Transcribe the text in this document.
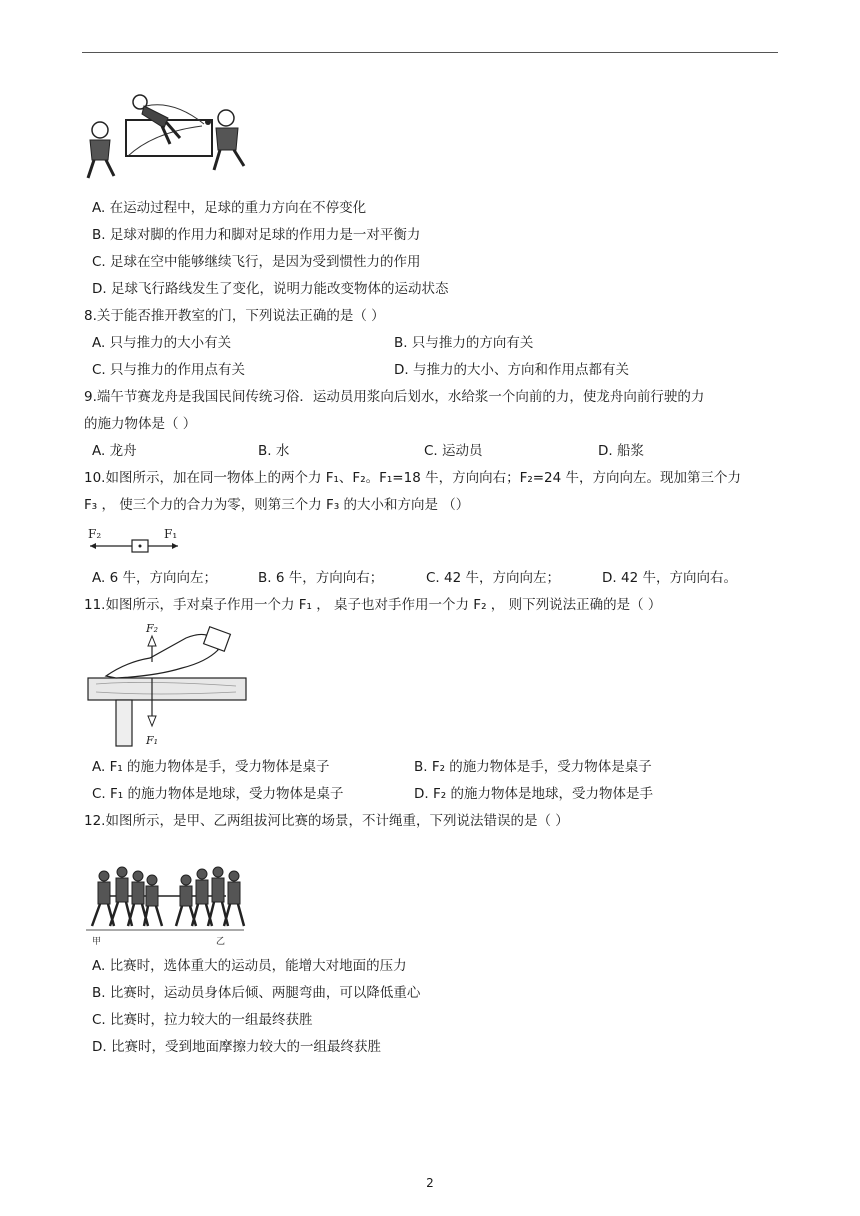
A. 在运动过程中，足球的重力方向在不停变化
B. 足球对脚的作用力和脚对足球的作用力是一对平衡力
C. 足球在空中能够继续飞行，是因为受到惯性力的作用
D. 足球飞行路线发生了变化，说明力能改变物体的运动状态
8.关于能否推开教室的门，下列说法正确的是（ ）
A. 只与推力的大小有关	B. 只与推力的方向有关
C. 只与推力的作用点有关	D. 与推力的大小、方向和作用点都有关
9.端午节赛龙舟是我国民间传统习俗．运动员用浆向后划水，水给浆一个向前的力，使龙舟向前行驶的力
的施力物体是（ ）
A. 龙舟	B. 水	C. 运动员	D. 船浆
10.如图所示，加在同一物体上的两个力 F₁、F₂。F₁=18 牛，方向向右；F₂=24 牛，方向向左。现加第三个力
F₃ ， 使三个力的合力为零，则第三个力 F₃ 的大小和方向是 （）
F₂	F₁
A. 6 牛，方向向左；	B. 6 牛，方向向右；	C. 42 牛，方向向左；	D. 42 牛，方向向右。
11.如图所示，手对桌子作用一个力 F₁ ， 桌子也对手作用一个力 F₂ ， 则下列说法正确的是（ ）
F₂
F₁
A. F₁ 的施力物体是手，受力物体是桌子	B. F₂ 的施力物体是手，受力物体是桌子
C. F₁ 的施力物体是地球，受力物体是桌子	D. F₂ 的施力物体是地球，受力物体是手
12.如图所示，是甲、乙两组拔河比赛的场景，不计绳重，下列说法错误的是（ ）
甲	乙
A. 比赛时，选体重大的运动员，能增大对地面的压力
B. 比赛时，运动员身体后倾、两腿弯曲，可以降低重心
C. 比赛时，拉力较大的一组最终获胜
D. 比赛时，受到地面摩擦力较大的一组最终获胜
2
